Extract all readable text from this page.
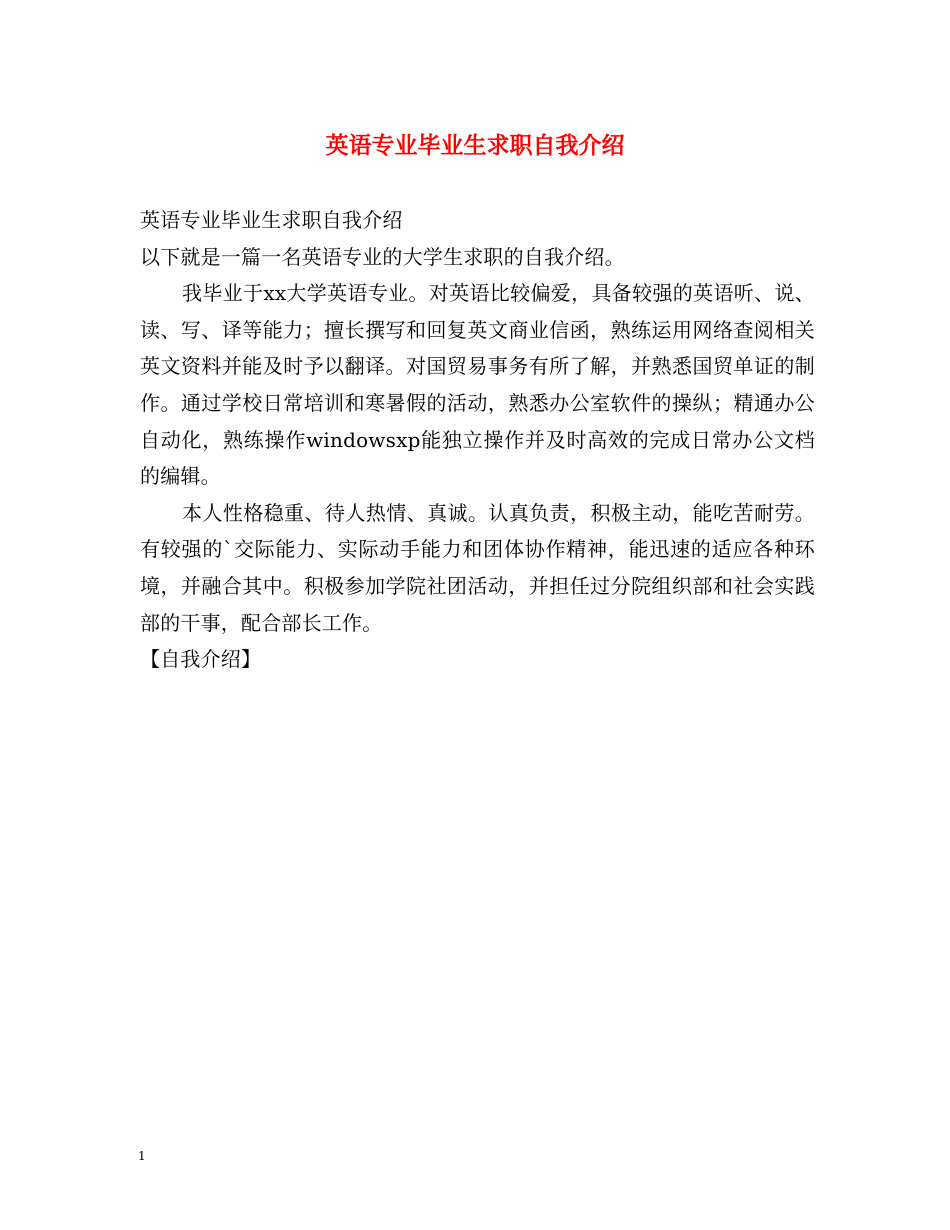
英语专业毕业生求职自我介绍

英语专业毕业生求职自我介绍

以下就是一篇一名英语专业的大学生求职的自我介绍。

我毕业于xx大学英语专业。对英语比较偏爱，具备较强的英语听、说、读、写、译等能力；擅长撰写和回复英文商业信函，熟练运用网络查阅相关英文资料并能及时予以翻译。对国贸易事务有所了解，并熟悉国贸单证的制作。通过学校日常培训和寒暑假的活动，熟悉办公室软件的操纵；精通办公自动化，熟练操作windowsxp能独立操作并及时高效的完成日常办公文档的编辑。

本人性格稳重、待人热情、真诚。认真负责，积极主动，能吃苦耐劳。有较强的`交际能力、实际动手能力和团体协作精神，能迅速的适应各种环境，并融合其中。积极参加学院社团活动，并担任过分院组织部和社会实践部的干事，配合部长工作。

【自我介绍】

1
